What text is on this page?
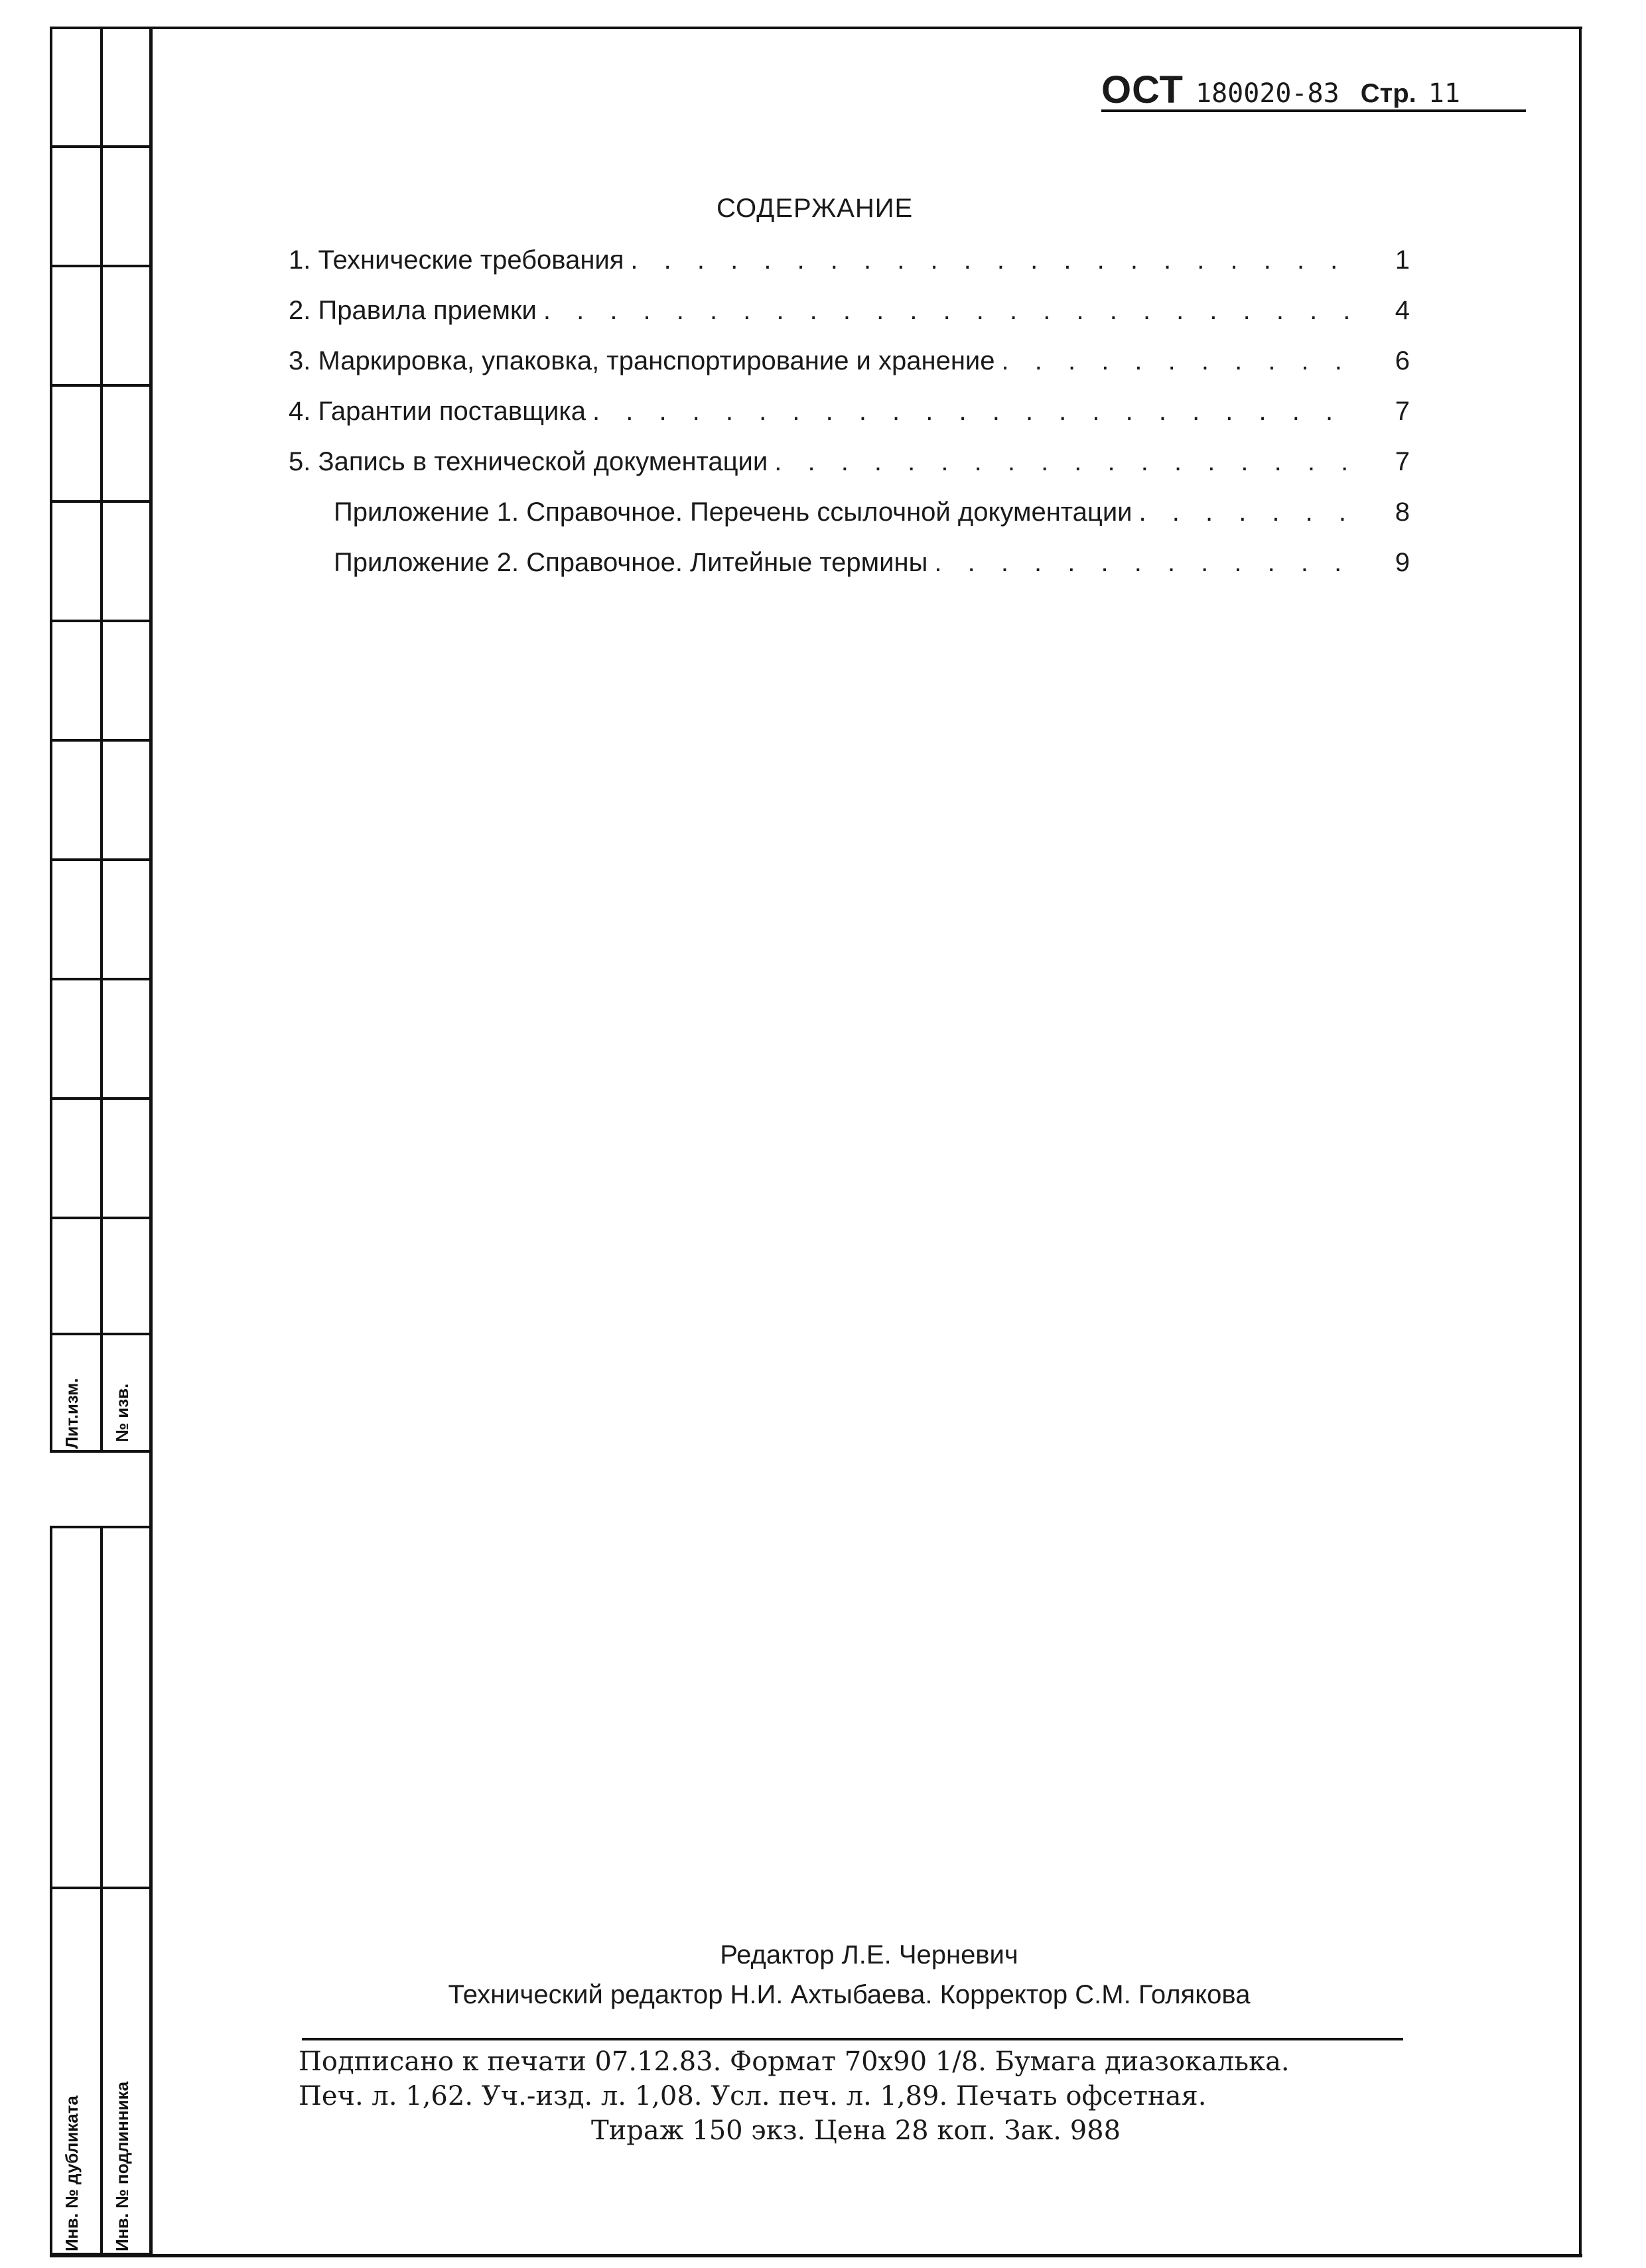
Лит.изм. № изв.
Инв. № дубликата Инв. № подлинника
ОСТ 180020-83 Стр. 11
СОДЕРЖАНИЕ
1. Технические требования . . .	1
2. Правила приемки . . .	4
3. Маркировка, упаковка, транспортирование и хранение . . .	6
4. Гарантии поставщика . . .	7
5. Запись в технической документации . . .	7
Приложение 1. Справочное. Перечень ссылочной документации . . .	8
Приложение 2. Справочное. Литейные термины . . .	9
Редактор Л.Е. Черневич
Технический редактор Н.И. Ахтыбаева. Корректор С.М. Голякова
Подписано к печати 07.12.83. Формат 70х90 1/8. Бумага диазокалька.
Печ. л. 1,62. Уч.-изд. л. 1,08. Усл. печ. л. 1,89. Печать офсетная.
Тираж 150 экз. Цена 28 коп. Зак. 988
